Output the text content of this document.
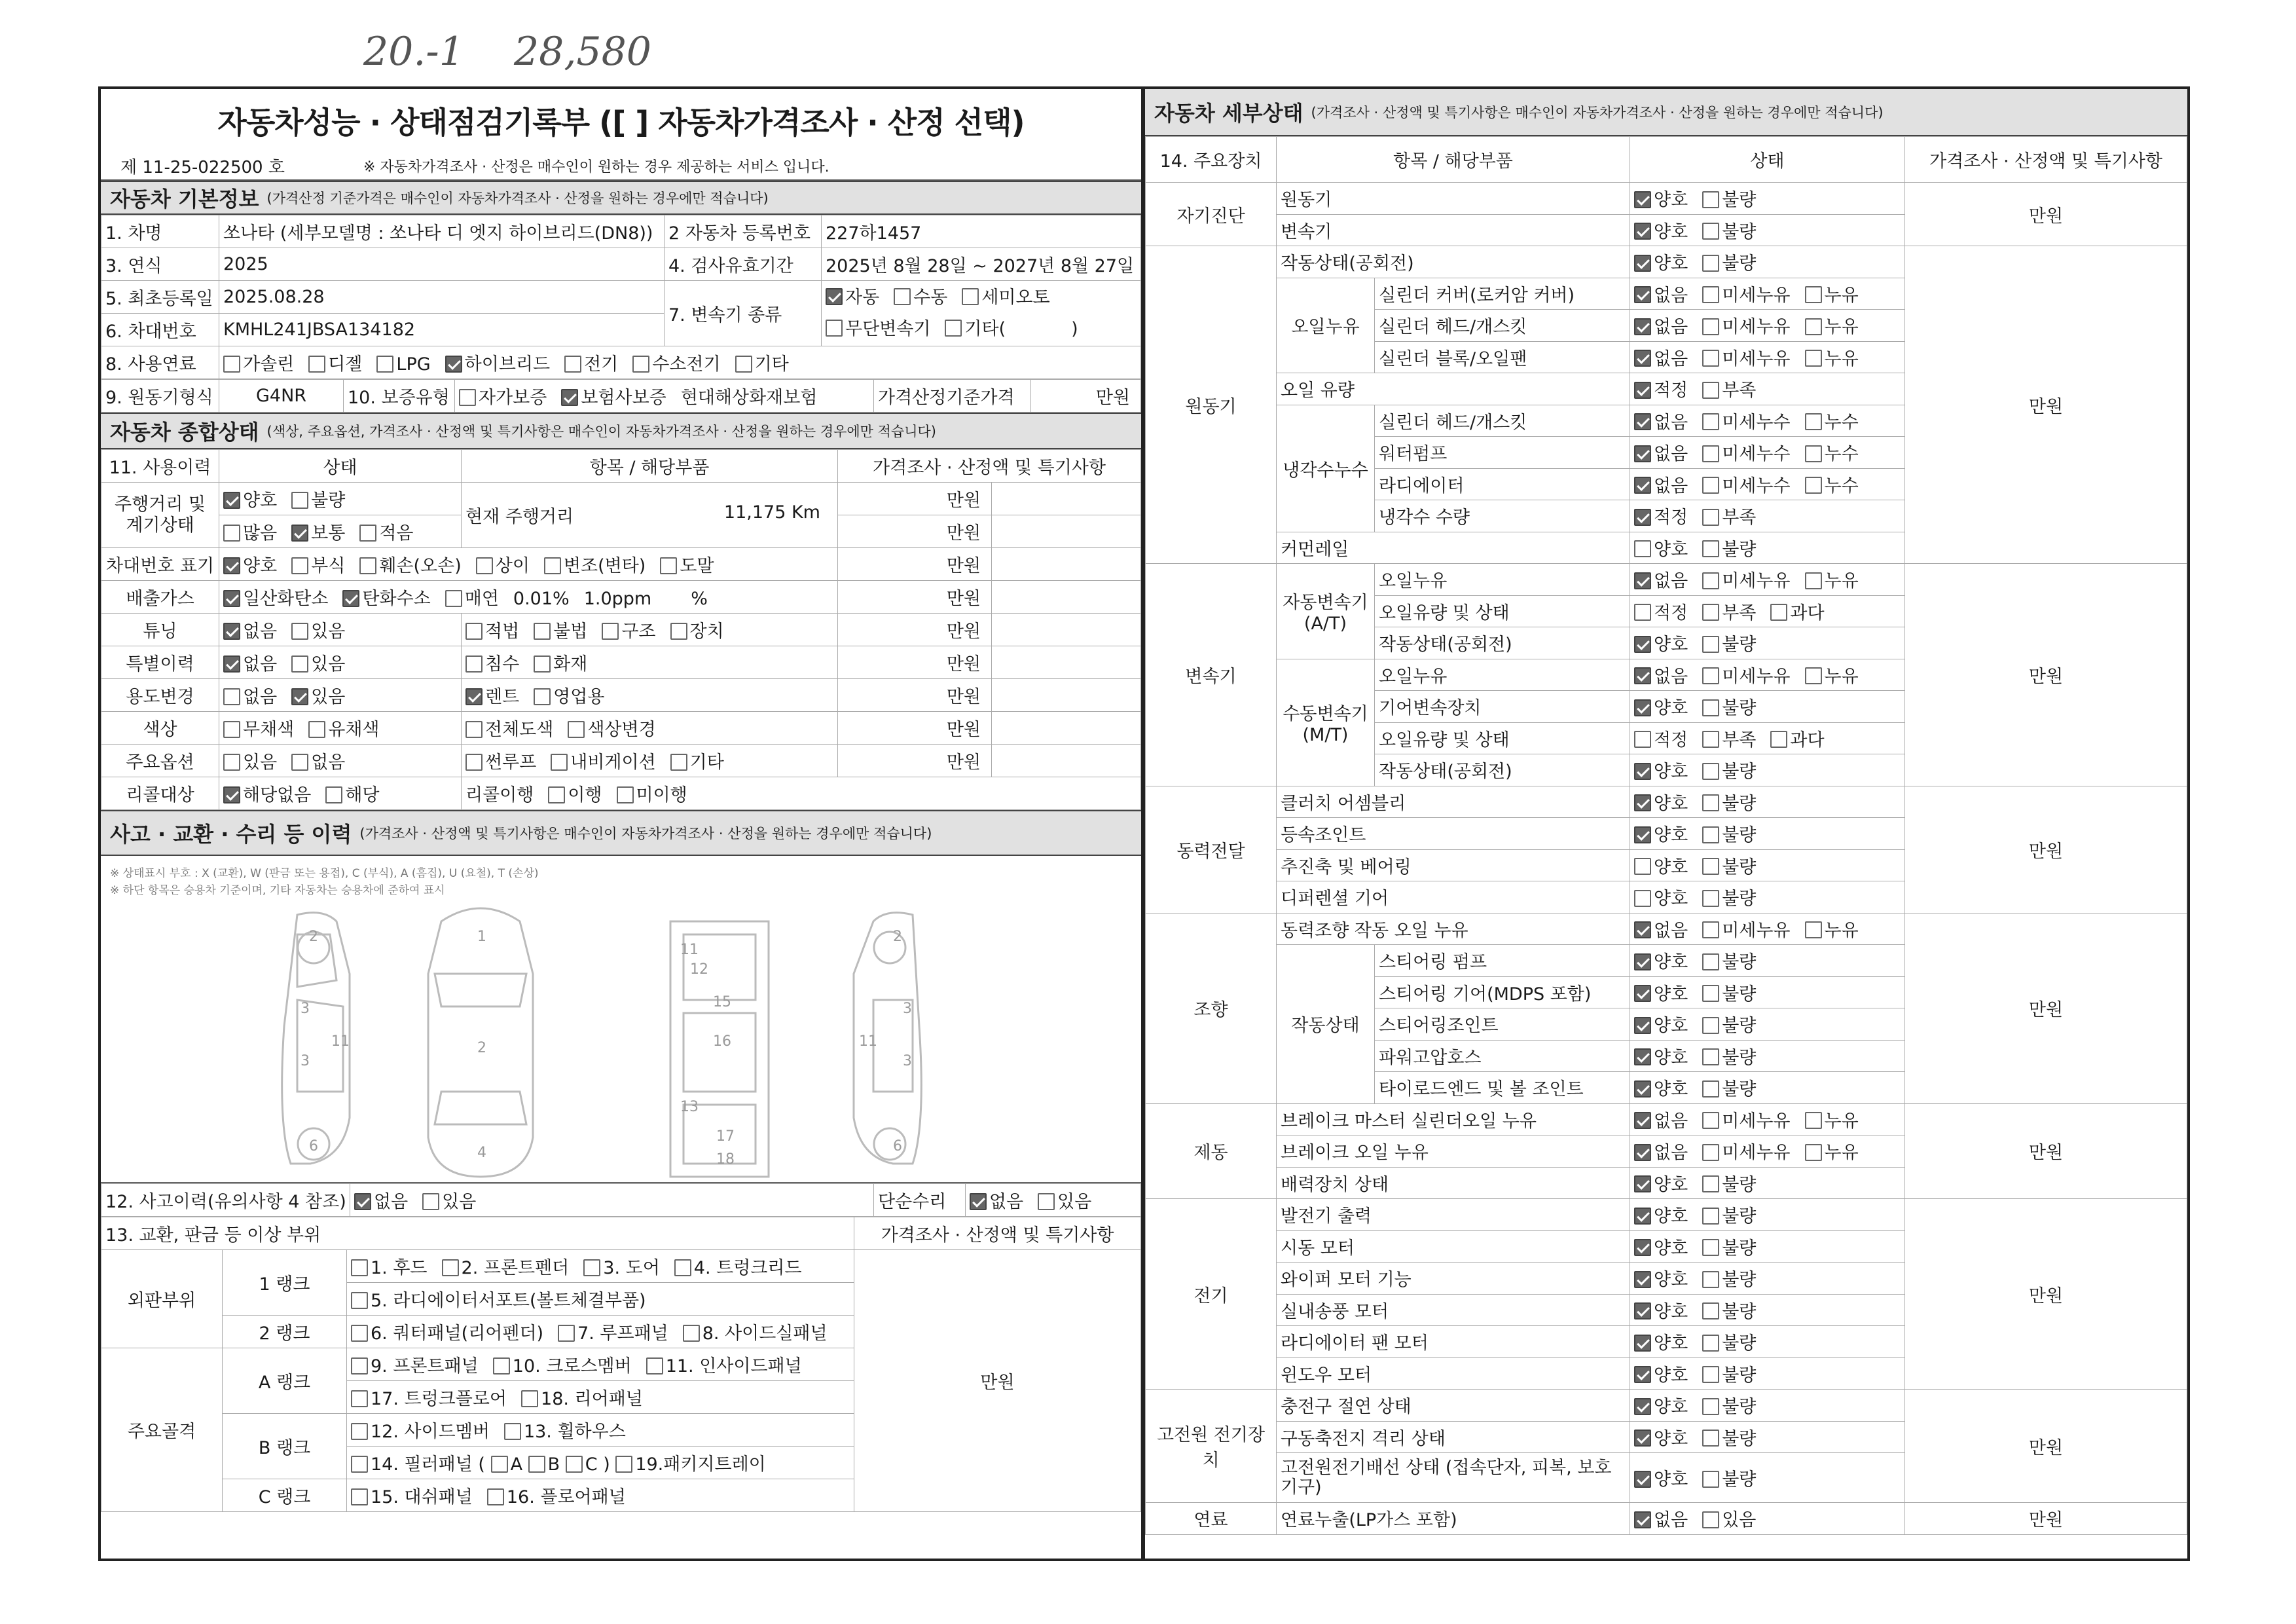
20.-1 28,580
자동차성능 · 상태점검기록부 ([ ] 자동차가격조사 · 산정 선택)
제 11-25-022500 호	※ 자동차가격조사 · 산정은 매수인이 원하는 경우 제공하는 서비스 입니다.
자동차 기본정보 (가격산정 기준가격은 매수인이 자동차가격조사 · 산정을 원하는 경우에만 적습니다)
1. 차명	쏘나타 (세부모델명 : 쏘나타 디 엣지 하이브리드(DN8))	2 자동차 등록번호	227하1457
3. 연식	2025	4. 검사유효기간	2025년 8월 28일 ~ 2027년 8월 27일
5. 최초등록일	2025.08.28	7. 변속기 종류	자동 수동 세미오토
무단변속기 기타( )
6. 차대번호	KMHL241JBSA134182		
8. 사용연료	가솔린 디젤 LPG 하이브리드 전기 수소전기 기타		
9. 원동기형식	G4NR	10. 보증유형	자가보증 보험사보증 현대해상화재보험	가격산정기준가격	만원
자동차 종합상태 (색상, 주요옵션, 가격조사 · 산정액 및 특기사항은 매수인이 자동차가격조사 · 산정을 원하는 경우에만 적습니다)
11. 사용이력	상태	항목 / 해당부품	가격조사 · 산정액 및 특기사항	
주행거리 및 계기상태	양호 불량	현재 주행거리 11,175 Km	만원	
	많음 보통 적음		만원	
차대번호 표기	양호 부식 훼손(오손) 상이 변조(변타) 도말		만원	
배출가스	일산화탄소 탄화수소 매연 0.01% 1.0ppm %		만원	
튜닝	없음 있음	적법 불법 구조 장치	만원	
특별이력	없음 있음	침수 화재	만원	
용도변경	없음 있음	렌트 영업용	만원	
색상	무채색 유채색	전체도색 색상변경	만원	
주요옵션	있음 없음	썬루프 내비게이션 기타	만원	
리콜대상	해당없음 해당	리콜이행 이행 미이행		
사고 · 교환 · 수리 등 이력 (가격조사 · 산정액 및 특기사항은 매수인이 자동차가격조사 · 산정을 원하는 경우에만 적습니다)
※ 상태표시 부호 : X (교환), W (판금 또는 용접), C (부식), A (흠집), U (요철), T (손상)
※ 하단 항목은 승용차 기준이며, 기타 자동차는 승용차에 준하여 표시
2
3
3
11
6
1
2
4
11
12
15
16
13
17
18
2
3
3
11
6
12. 사고이력(유의사항 4 참조)	없음 있음	단순수리	없음 있음
13. 교환, 판금 등 이상 부위			가격조사 · 산정액 및 특기사항
외판부위	1 랭크	1. 후드 2. 프론트펜더 3. 도어 4. 트렁크리드	만원
		5. 라디에이터서포트(볼트체결부품)	
	2 랭크	6. 쿼터패널(리어펜더) 7. 루프패널 8. 사이드실패널	
주요골격	A 랭크	9. 프론트패널 10. 크로스멤버 11. 인사이드패널	
		17. 트렁크플로어 18. 리어패널	
	B 랭크	12. 사이드멤버 13. 휠하우스	
		14. 필러패널 ( A B C ) 19.패키지트레이	
	C 랭크	15. 대쉬패널 16. 플로어패널	
자동차 세부상태 (가격조사 · 산정액 및 특기사항은 매수인이 자동차가격조사 · 산정을 원하는 경우에만 적습니다)
14. 주요장치	항목 / 해당부품		상태	가격조사 · 산정액 및 특기사항
자기진단	원동기		양호 불량	만원
	변속기		양호 불량	
원동기	작동상태(공회전)		양호 불량	만원
	오일누유	실린더 커버(로커암 커버)	없음 미세누유 누유	
		실린더 헤드/개스킷	없음 미세누유 누유	
		실린더 블록/오일팬	없음 미세누유 누유	
	오일 유량		적정 부족	
	냉각수누수	실린더 헤드/개스킷	없음 미세누수 누수	
		워터펌프	없음 미세누수 누수	
		라디에이터	없음 미세누수 누수	
		냉각수 수량	적정 부족	
	커먼레일		양호 불량	
변속기	자동변속기 (A/T)	오일누유	없음 미세누유 누유	만원
		오일유량 및 상태	적정 부족 과다	
		작동상태(공회전)	양호 불량	
	수동변속기 (M/T)	오일누유	없음 미세누유 누유	
		기어변속장치	양호 불량	
		오일유량 및 상태	적정 부족 과다	
		작동상태(공회전)	양호 불량	
동력전달	클러치 어셈블리		양호 불량	만원
	등속조인트		양호 불량	
	추진축 및 베어링		양호 불량	
	디퍼렌셜 기어		양호 불량	
조향	동력조향 작동 오일 누유		없음 미세누유 누유	만원
	작동상태	스티어링 펌프	양호 불량	
		스티어링 기어(MDPS 포함)	양호 불량	
		스티어링조인트	양호 불량	
		파워고압호스	양호 불량	
		타이로드엔드 및 볼 조인트	양호 불량	
제동	브레이크 마스터 실린더오일 누유		없음 미세누유 누유	만원
	브레이크 오일 누유		없음 미세누유 누유	
	배력장치 상태		양호 불량	
전기	발전기 출력		양호 불량	만원
	시동 모터		양호 불량	
	와이퍼 모터 기능		양호 불량	
	실내송풍 모터		양호 불량	
	라디에이터 팬 모터		양호 불량	
	윈도우 모터		양호 불량	
고전원 전기장치	충전구 절연 상태		양호 불량	만원
	구동축전지 격리 상태		양호 불량	
	고전원전기배선 상태 (접속단자, 피복, 보호기구)		양호 불량	
연료	연료누출(LP가스 포함)		없음 있음	만원
